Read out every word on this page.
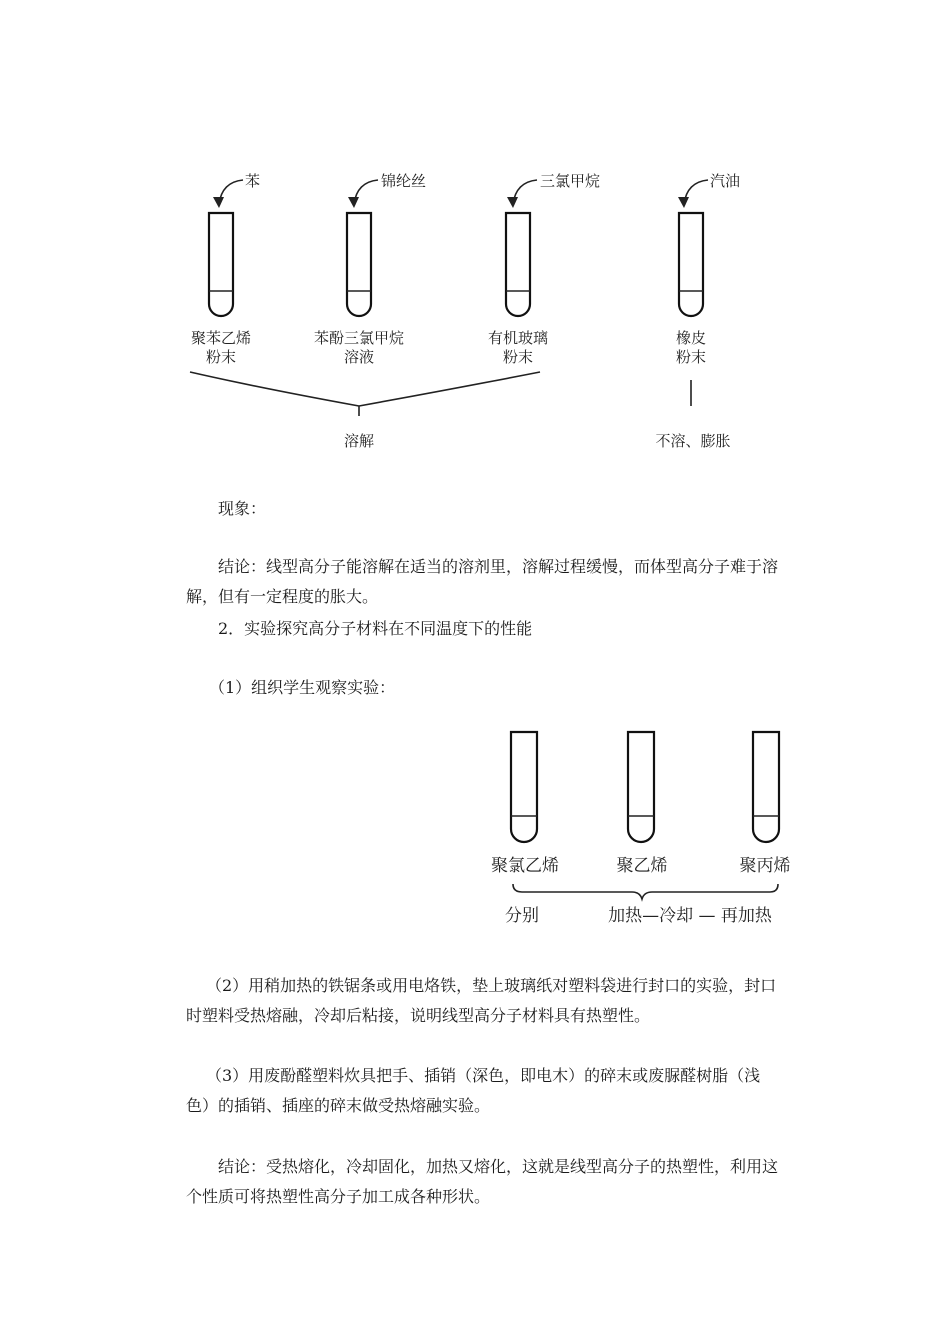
苯	锦纶丝	三氯甲烷	汽油
聚苯乙烯
粉末
苯酚三氯甲烷
溶液
有机玻璃
粉末
橡皮
粉末
溶解	不溶、膨胀

现象：

结论：线型高分子能溶解在适当的溶剂里，溶解过程缓慢，而体型高分子难于溶

解，但有一定程度的胀大。

2．实验探究高分子材料在不同温度下的性能

（1）组织学生观察实验：

聚氯乙烯	聚乙烯	聚丙烯
分别	加热—冷却 — 再加热

（2）用稍加热的铁锯条或用电烙铁，垫上玻璃纸对塑料袋进行封口的实验，封口

时塑料受热熔融，冷却后粘接，说明线型高分子材料具有热塑性。

（3）用废酚醛塑料炊具把手、插销（深色，即电木）的碎末或废脲醛树脂（浅

色）的插销、插座的碎末做受热熔融实验。

结论：受热熔化，冷却固化，加热又熔化，这就是线型高分子的热塑性，利用这

个性质可将热塑性高分子加工成各种形状。
